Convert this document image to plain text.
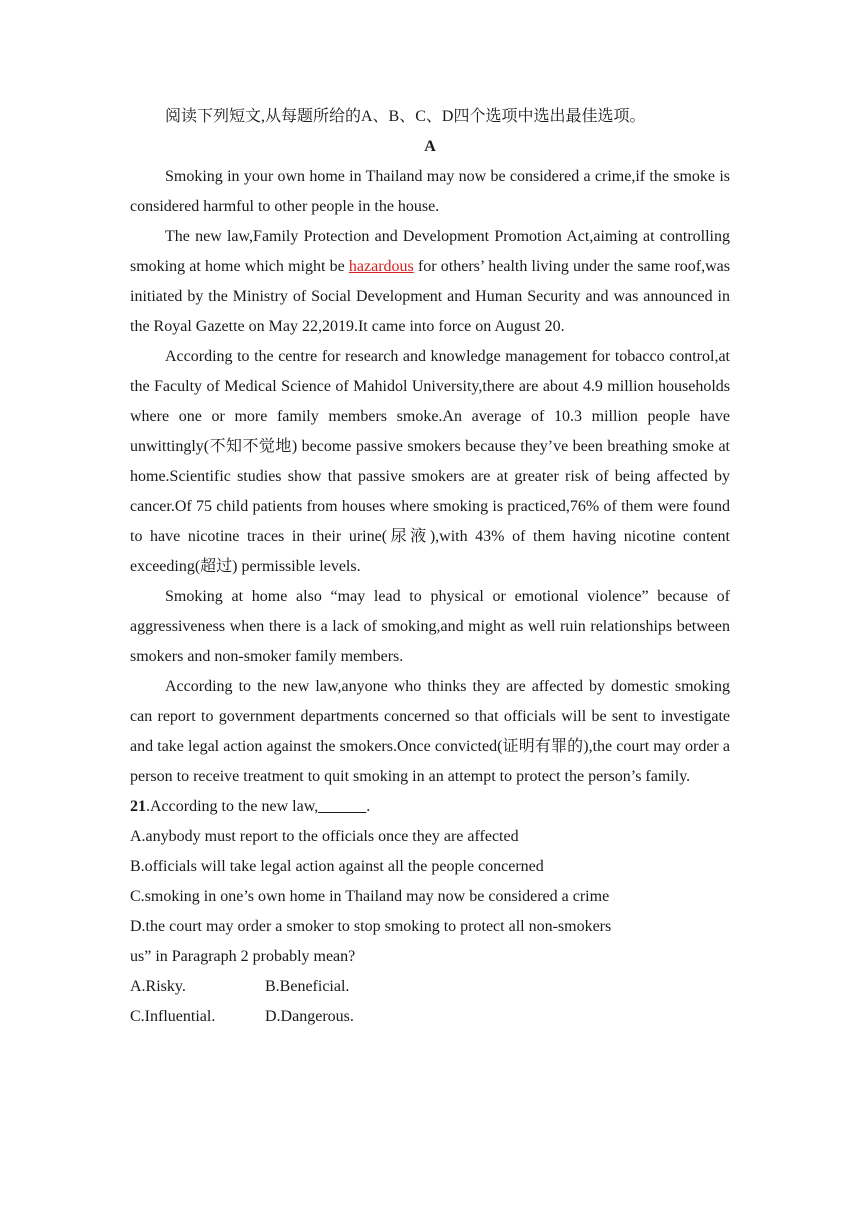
阅读下列短文,从每题所给的A、B、C、D四个选项中选出最佳选项。

A

Smoking in your own home in Thailand may now be considered a crime,if the smoke is considered harmful to other people in the house.

The new law,Family Protection and Development Promotion Act,aiming at controlling smoking at home which might be hazardous for others’ health living under the same roof,was initiated by the Ministry of Social Development and Human Security and was announced in the Royal Gazette on May 22,2019.It came into force on August 20.

According to the centre for research and knowledge management for tobacco control,at the Faculty of Medical Science of Mahidol University,there are about 4.9 million households where one or more family members smoke.An average of 10.3 million people have unwittingly(不知不觉地) become passive smokers because they’ve been breathing smoke at home.Scientific studies show that passive smokers are at greater risk of being affected by cancer.Of 75 child patients from houses where smoking is practiced,76% of them were found to have nicotine traces in their urine(尿液),with 43% of them having nicotine content exceeding(超过) permissible levels.

Smoking at home also “may lead to physical or emotional violence” because of aggressiveness when there is a lack of smoking,and might as well ruin relationships between smokers and non-smoker family members.

According to the new law,anyone who thinks they are affected by domestic smoking can report to government departments concerned so that officials will be sent to investigate and take legal action against the smokers.Once convicted(证明有罪的),the court may order a person to receive treatment to quit smoking in an attempt to protect the person’s family.

21.According to the new law,______.

A.anybody must report to the officials once they are affected

B.officials will take legal action against all the people concerned

C.smoking in one’s own home in Thailand may now be considered a crime

D.the court may order a smoker to stop smoking to protect all non-smokers

us” in Paragraph 2 probably mean?

A.Risky.	B.Beneficial.
C.Influential.	D.Dangerous.
